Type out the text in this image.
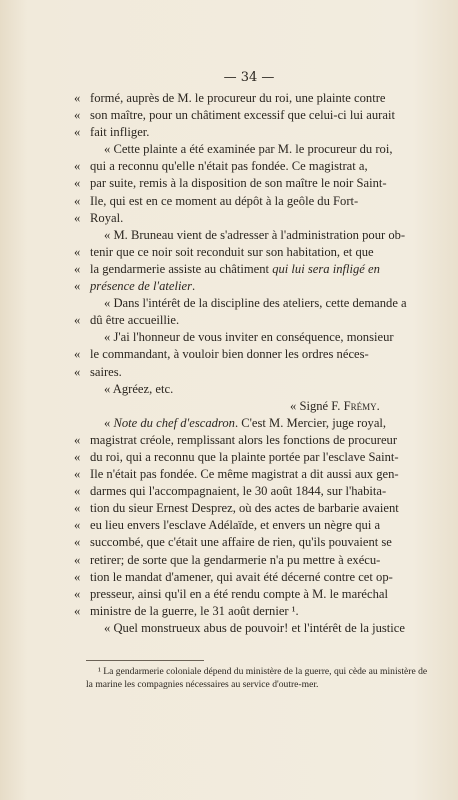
— 34 —
« formé, auprès de M. le procureur du roi, une plainte contre
« son maître, pour un châtiment excessif que celui-ci lui aurait
« fait infliger.
« Cette plainte a été examinée par M. le procureur du roi,
« qui a reconnu qu'elle n'était pas fondée. Ce magistrat a,
« par suite, remis à la disposition de son maître le noir Saint-
« Ile, qui est en ce moment au dépôt à la geôle du Fort-
« Royal.
« M. Bruneau vient de s'adresser à l'administration pour ob-
« tenir que ce noir soit reconduit sur son habitation, et que
« la gendarmerie assiste au châtiment qui lui sera infligé en
« présence de l'atelier.
« Dans l'intérêt de la discipline des ateliers, cette demande a
« dû être accueillie.
« J'ai l'honneur de vous inviter en conséquence, monsieur
« le commandant, à vouloir bien donner les ordres néces-
« saires.
« Agréez, etc.
« Signé F. Frémy.
« Note du chef d'escadron. C'est M. Mercier, juge royal,
« magistrat créole, remplissant alors les fonctions de procureur
« du roi, qui a reconnu que la plainte portée par l'esclave Saint-
« Ile n'était pas fondée. Ce même magistrat a dit aussi aux gen-
« darmes qui l'accompagnaient, le 30 août 1844, sur l'habita-
« tion du sieur Ernest Desprez, où des actes de barbarie avaient
« eu lieu envers l'esclave Adélaïde, et envers un nègre qui a
« succombé, que c'était une affaire de rien, qu'ils pouvaient se
« retirer; de sorte que la gendarmerie n'a pu mettre à exécu-
« tion le mandat d'amener, qui avait été décerné contre cet op-
« presseur, ainsi qu'il en a été rendu compte à M. le maréchal
« ministre de la guerre, le 31 août dernier ¹.
« Quel monstrueux abus de pouvoir! et l'intérêt de la justice
¹ La gendarmerie coloniale dépend du ministère de la guerre, qui cède au ministère de la marine les compagnies nécessaires au service d'outre-mer.
